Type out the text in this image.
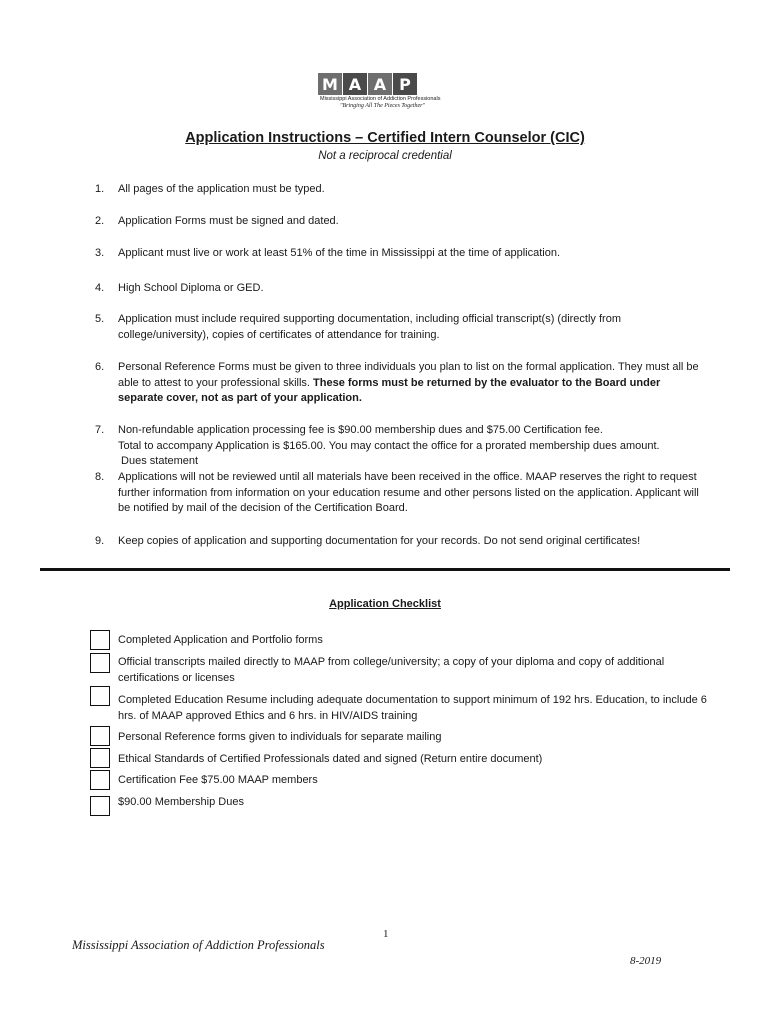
M A A P
Mississippi Association of Addiction Professionals
"Bringing All The Pieces Together"
Application Instructions – Certified Intern Counselor (CIC)
Not a reciprocal credential
1.	All pages of the application must be typed.
2.	Application Forms must be signed and dated.
3.	Applicant must live or work at least 51% of the time in Mississippi at the time of application.
4.	High School Diploma or GED.
5.	Application must include required supporting documentation, including official transcript(s) (directly from college/university), copies of certificates of attendance for training.
6.	Personal Reference Forms must be given to three individuals you plan to list on the formal application. They must all be able to attest to your professional skills. These forms must be returned by the evaluator to the Board under separate cover, not as part of your application.
7.	Non-refundable application processing fee is $90.00 membership dues and $75.00 Certification fee.
Total to accompany Application is $165.00. You may contact the office for a prorated membership dues amount.
Dues statement
8.	Applications will not be reviewed until all materials have been received in the office. MAAP reserves the right to request further information from information on your education resume and other persons listed on the application. Applicant will be notified by mail of the decision of the Certification Board.
9.	Keep copies of application and supporting documentation for your records. Do not send original certificates!
Application Checklist
Completed Application and Portfolio forms
Official transcripts mailed directly to MAAP from college/university; a copy of your diploma and copy of additional certifications or licenses
Completed Education Resume including adequate documentation to support minimum of 192 hrs. Education, to include 6 hrs. of MAAP approved Ethics and 6 hrs. in HIV/AIDS training
Personal Reference forms given to individuals for separate mailing
Ethical Standards of Certified Professionals dated and signed (Return entire document)
Certification Fee $75.00 MAAP members
$90.00 Membership Dues
1
Mississippi Association of Addiction Professionals
8-2019
